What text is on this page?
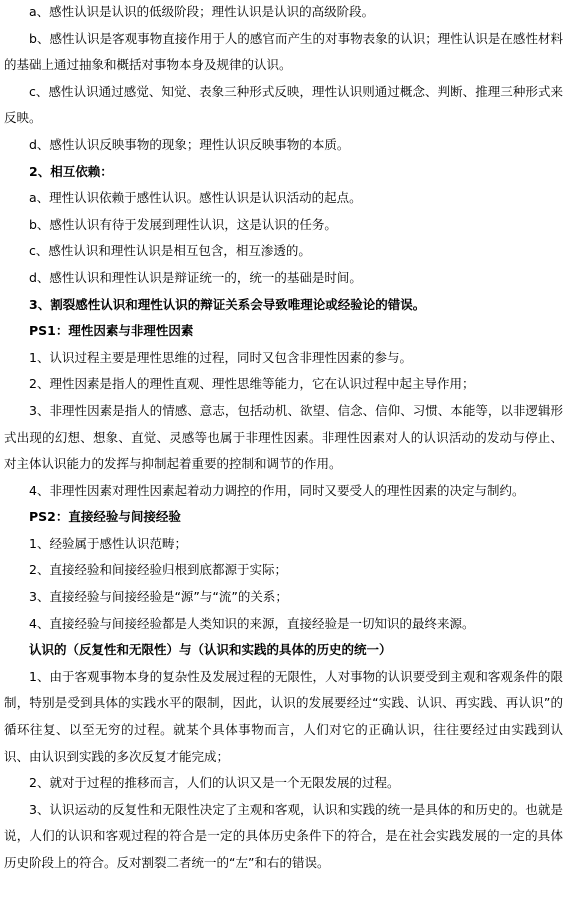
a、感性认识是认识的低级阶段；理性认识是认识的高级阶段。

b、感性认识是客观事物直接作用于人的感官而产生的对事物表象的认识；理性认识是在感性材料的基础上通过抽象和概括对事物本身及规律的认识。

c、感性认识通过感觉、知觉、表象三种形式反映，理性认识则通过概念、判断、推理三种形式来反映。

d、感性认识反映事物的现象；理性认识反映事物的本质。

2、相互依赖：

a、理性认识依赖于感性认识。感性认识是认识活动的起点。

b、感性认识有待于发展到理性认识，这是认识的任务。

c、感性认识和理性认识是相互包含，相互渗透的。

d、感性认识和理性认识是辩证统一的，统一的基础是时间。

3、割裂感性认识和理性认识的辩证关系会导致唯理论或经验论的错误。

PS1：理性因素与非理性因素

1、认识过程主要是理性思维的过程，同时又包含非理性因素的参与。

2、理性因素是指人的理性直观、理性思维等能力，它在认识过程中起主导作用；

3、非理性因素是指人的情感、意志，包括动机、欲望、信念、信仰、习惯、本能等，以非逻辑形式出现的幻想、想象、直觉、灵感等也属于非理性因素。非理性因素对人的认识活动的发动与停止、对主体认识能力的发挥与抑制起着重要的控制和调节的作用。

4、非理性因素对理性因素起着动力调控的作用，同时又要受人的理性因素的决定与制约。

PS2：直接经验与间接经验

1、经验属于感性认识范畴；

2、直接经验和间接经验归根到底都源于实际；

3、直接经验与间接经验是“源”与“流”的关系；

4、直接经验与间接经验都是人类知识的来源，直接经验是一切知识的最终来源。

认识的（反复性和无限性）与（认识和实践的具体的历史的统一）

1、由于客观事物本身的复杂性及发展过程的无限性，人对事物的认识要受到主观和客观条件的限制，特别是受到具体的实践水平的限制，因此，认识的发展要经过“实践、认识、再实践、再认识”的循环往复、以至无穷的过程。就某个具体事物而言，人们对它的正确认识，往往要经过由实践到认识、由认识到实践的多次反复才能完成；

2、就对于过程的推移而言，人们的认识又是一个无限发展的过程。

3、认识运动的反复性和无限性决定了主观和客观，认识和实践的统一是具体的和历史的。也就是说，人们的认识和客观过程的符合是一定的具体历史条件下的符合，是在社会实践发展的一定的具体历史阶段上的符合。反对割裂二者统一的“左”和右的错误。
